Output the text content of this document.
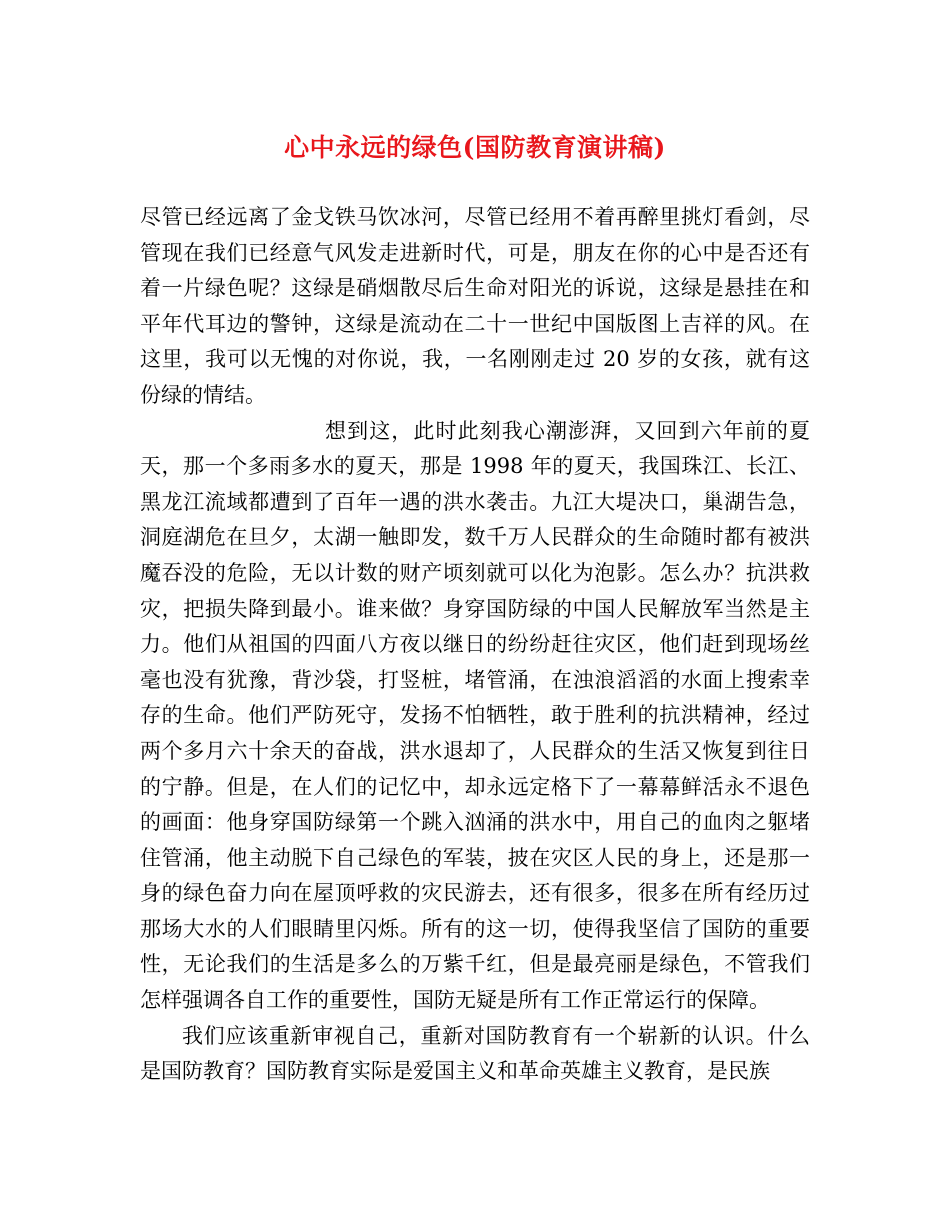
心中永远的绿色(国防教育演讲稿)

尽管已经远离了金戈铁马饮冰河，尽管已经用不着再醉里挑灯看剑，尽管现在我们已经意气风发走进新时代，可是，朋友在你的心中是否还有着一片绿色呢？这绿是硝烟散尽后生命对阳光的诉说，这绿是悬挂在和平年代耳边的警钟，这绿是流动在二十一世纪中国版图上吉祥的风。在这里，我可以无愧的对你说，我，一名刚刚走过 20 岁的女孩，就有这份绿的情结。

想到这，此时此刻我心潮澎湃，又回到六年前的夏天，那一个多雨多水的夏天，那是 1998 年的夏天，我国珠江、长江、黑龙江流域都遭到了百年一遇的洪水袭击。九江大堤决口，巢湖告急，洞庭湖危在旦夕，太湖一触即发，数千万人民群众的生命随时都有被洪魔吞没的危险，无以计数的财产顷刻就可以化为泡影。怎么办？抗洪救灾，把损失降到最小。谁来做？身穿国防绿的中国人民解放军当然是主力。他们从祖国的四面八方夜以继日的纷纷赶往灾区，他们赶到现场丝毫也没有犹豫，背沙袋，打竖桩，堵管涌，在浊浪滔滔的水面上搜索幸存的生命。他们严防死守，发扬不怕牺牲，敢于胜利的抗洪精神，经过两个多月六十余天的奋战，洪水退却了，人民群众的生活又恢复到往日的宁静。但是，在人们的记忆中，却永远定格下了一幕幕鲜活永不退色的画面：他身穿国防绿第一个跳入汹涌的洪水中，用自己的血肉之躯堵住管涌，他主动脱下自己绿色的军装，披在灾区人民的身上，还是那一身的绿色奋力向在屋顶呼救的灾民游去，还有很多，很多在所有经历过那场大水的人们眼睛里闪烁。所有的这一切，使得我坚信了国防的重要性，无论我们的生活是多么的万紫千红，但是最亮丽是绿色，不管我们怎样强调各自工作的重要性，国防无疑是所有工作正常运行的保障。

我们应该重新审视自己，重新对国防教育有一个崭新的认识。什么是国防教育？国防教育实际是爱国主义和革命英雄主义教育，是民族
